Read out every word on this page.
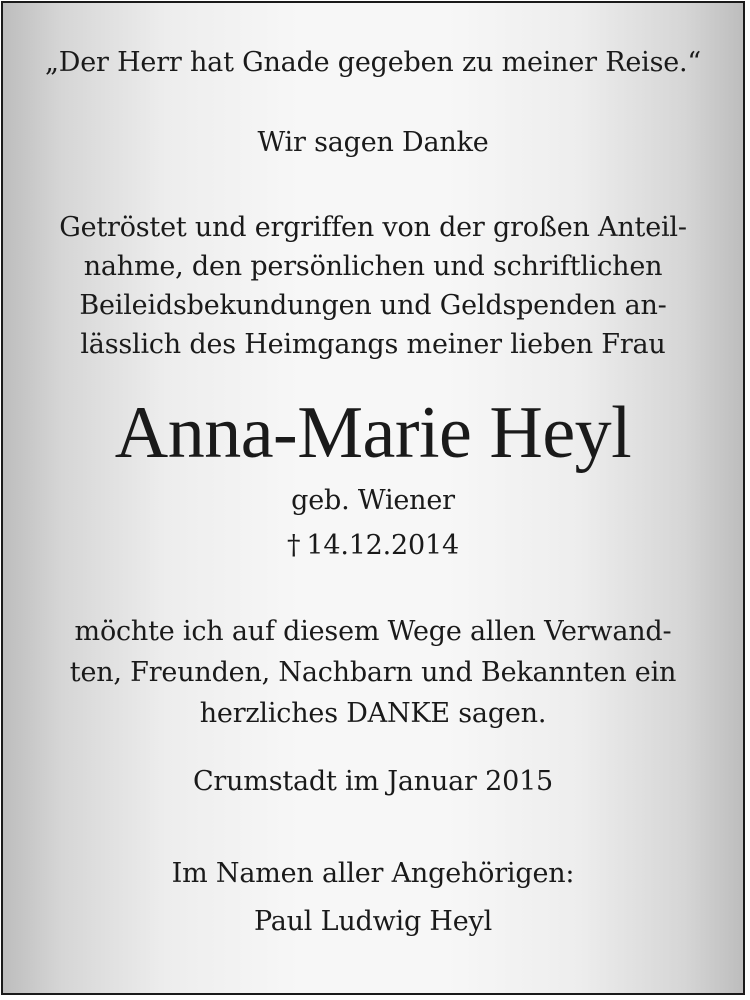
„Der Herr hat Gnade gegeben zu meiner Reise.“
Wir sagen Danke
Getröstet und ergriffen von der großen Anteil-
nahme, den persönlichen und schriftlichen
Beileidsbekundungen und Geldspenden an-
lässlich des Heimgangs meiner lieben Frau
Anna-Marie Heyl
geb. Wiener
† 14.12.2014
möchte ich auf diesem Wege allen Verwand-
ten, Freunden, Nachbarn und Bekannten ein
herzliches DANKE sagen.
Crumstadt im Januar 2015
Im Namen aller Angehörigen:
Paul Ludwig Heyl
